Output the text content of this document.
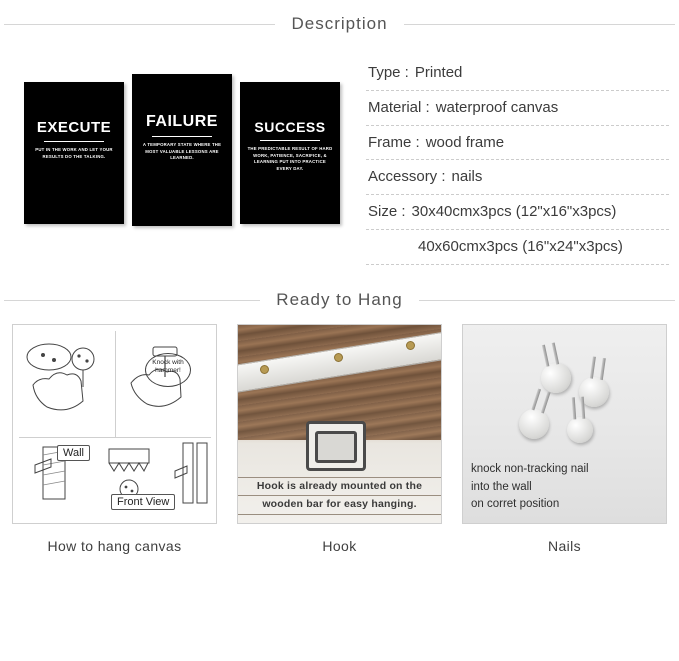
Description
EXECUTE
PUT IN THE WORK AND LET YOUR RESULTS DO THE TALKING.
FAILURE
A TEMPORARY STATE WHERE THE MOST VALUABLE LESSONS ARE LEARNED.
SUCCESS
THE PREDICTABLE RESULT OF HARD WORK, PATIENCE, SACRIFICE, & LEARNING PUT INTO PRACTICE EVERY DAY.
Type : Printed
Material : waterproof canvas
Frame : wood frame
Accessory : nails
Size : 30x40cmx3pcs (12"x16"x3pcs)
40x60cmx3pcs (16"x24"x3pcs)
Ready to Hang
Knock with hammer!
Wall
Front View
How to hang canvas
Hook is already mounted on the
wooden bar for easy hanging.
Hook
knock non-tracking nail
into the wall
on corret position
Nails
